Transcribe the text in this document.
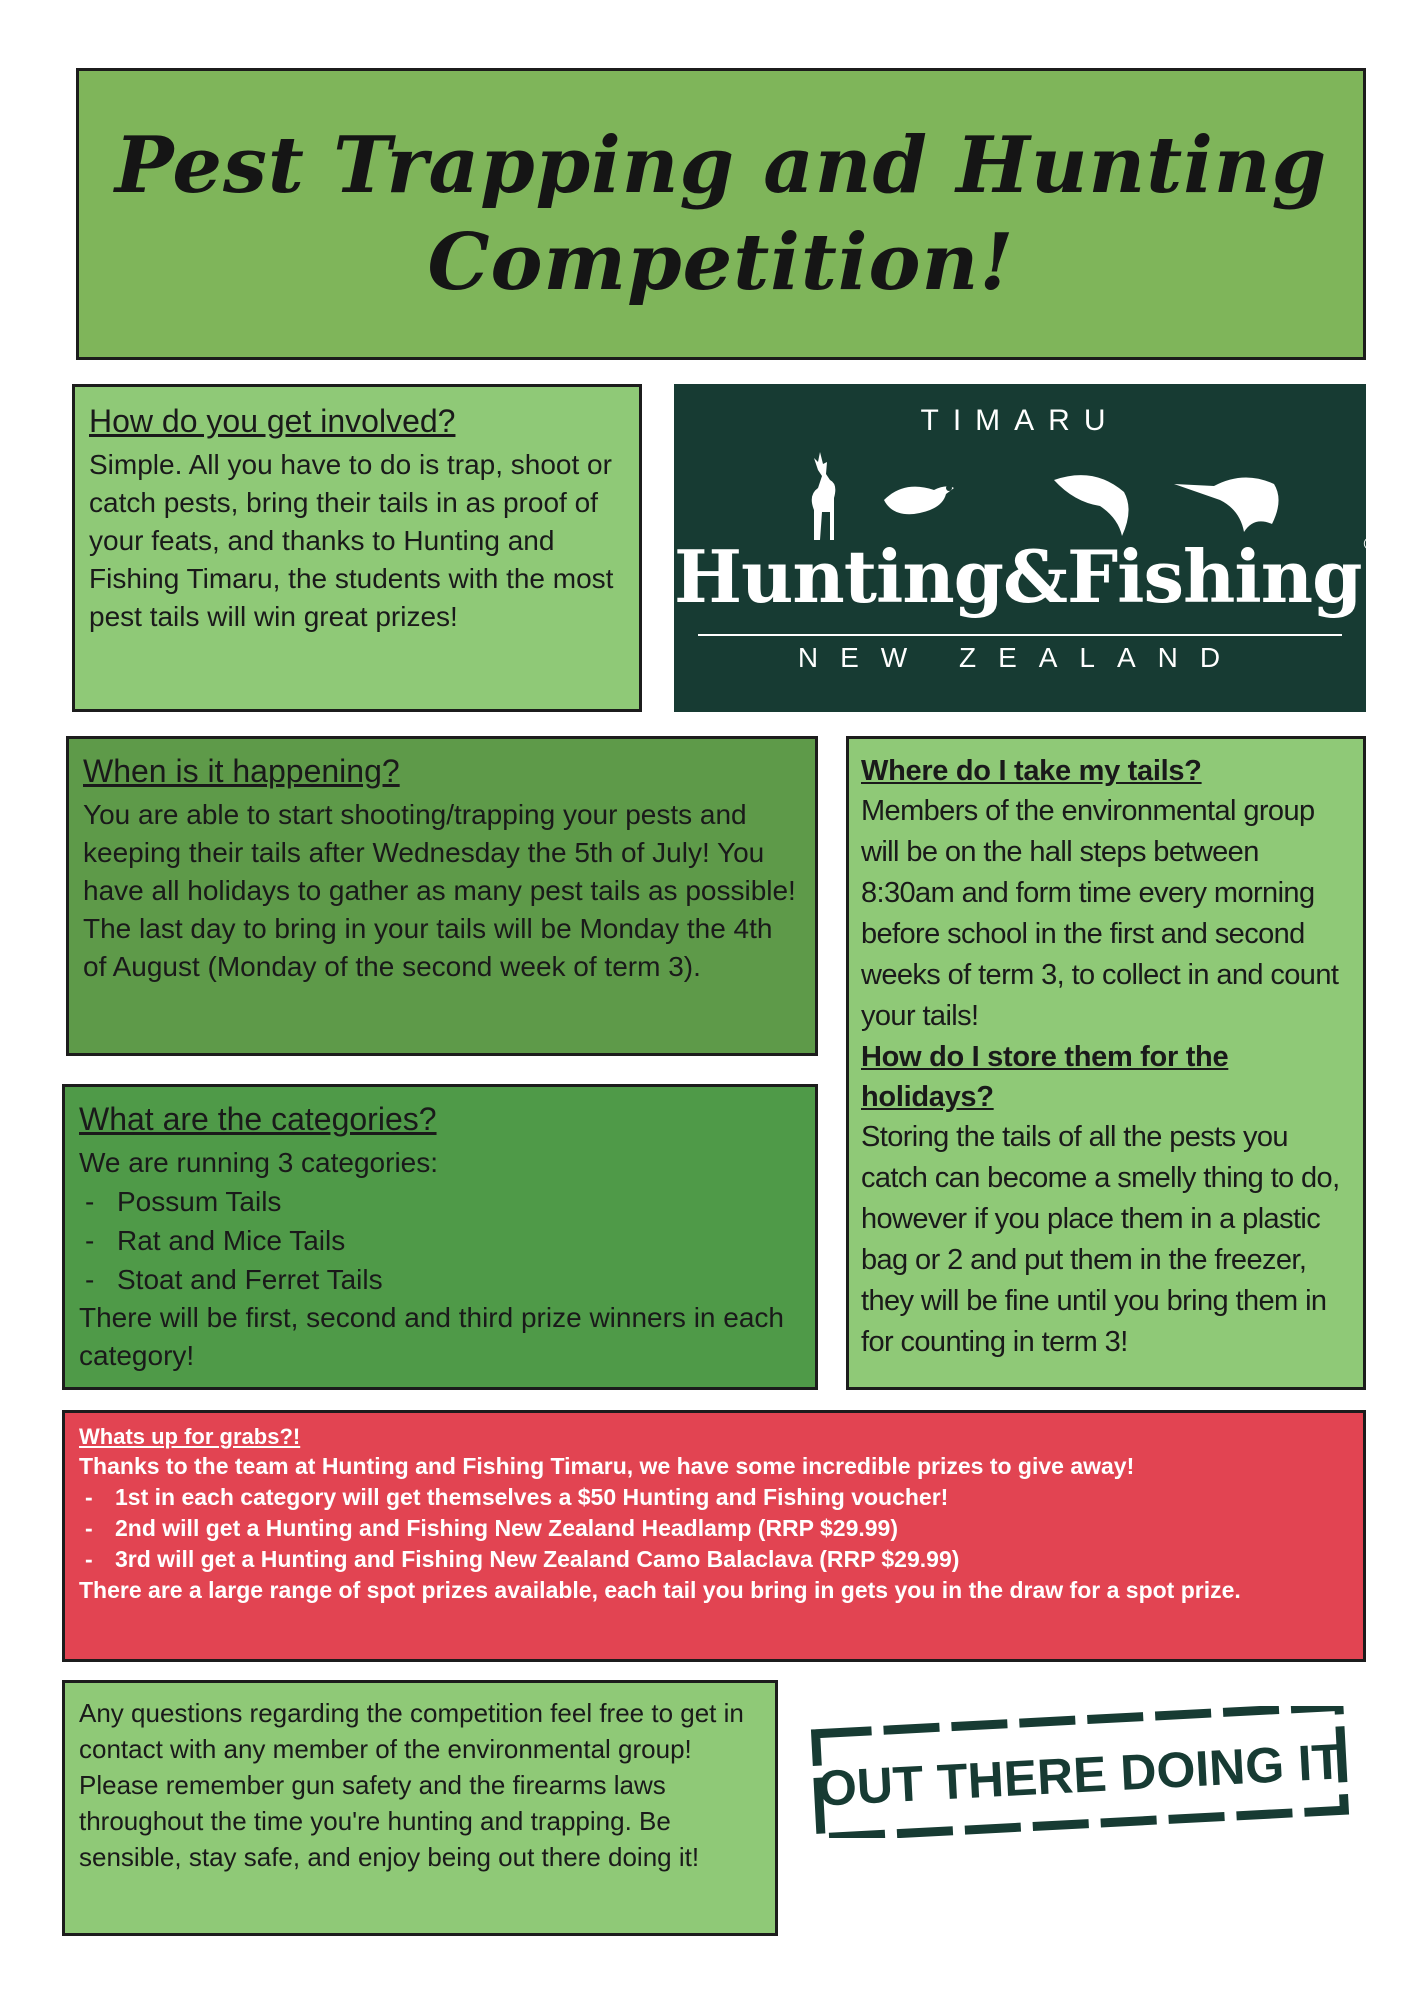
Pest Trapping and Hunting
Competition!
How do you get involved?

Simple. All you have to do is trap, shoot or catch pests, bring their tails in as proof of your feats, and thanks to Hunting and Fishing Timaru, the students with the most pest tails will win great prizes!

TIMARU
Hunting&Fishing®
NEW ZEALAND
When is it happening?

You are able to start shooting/trapping your pests and keeping their tails after Wednesday the 5th of July! You have all holidays to gather as many pest tails as possible! The last day to bring in your tails will be Monday the 4th of August (Monday of the second week of term 3).

Where do I take my tails?

Members of the environmental group will be on the hall steps between 8:30am and form time every morning before school in the first and second weeks of term 3, to collect in and count your tails!

How do I store them for the holidays?

Storing the tails of all the pests you catch can become a smelly thing to do, however if you place them in a plastic bag or 2 and put them in the freezer, they will be fine until you bring them in for counting in term 3!

What are the categories?

We are running 3 categories:

- Possum Tails
- Rat and Mice Tails
- Stoat and Ferret Tails

There will be first, second and third prize winners in each category!

Whats up for grabs?!

Thanks to the team at Hunting and Fishing Timaru, we have some incredible prizes to give away!

- 1st in each category will get themselves a $50 Hunting and Fishing voucher!
- 2nd will get a Hunting and Fishing New Zealand Headlamp (RRP $29.99)
- 3rd will get a Hunting and Fishing New Zealand Camo Balaclava (RRP $29.99)

There are a large range of spot prizes available, each tail you bring in gets you in the draw for a spot prize.

Any questions regarding the competition feel free to get in contact with any member of the environmental group! Please remember gun safety and the firearms laws throughout the time you're hunting and trapping. Be sensible, stay safe, and enjoy being out there doing it!

OUT THERE DOING IT
